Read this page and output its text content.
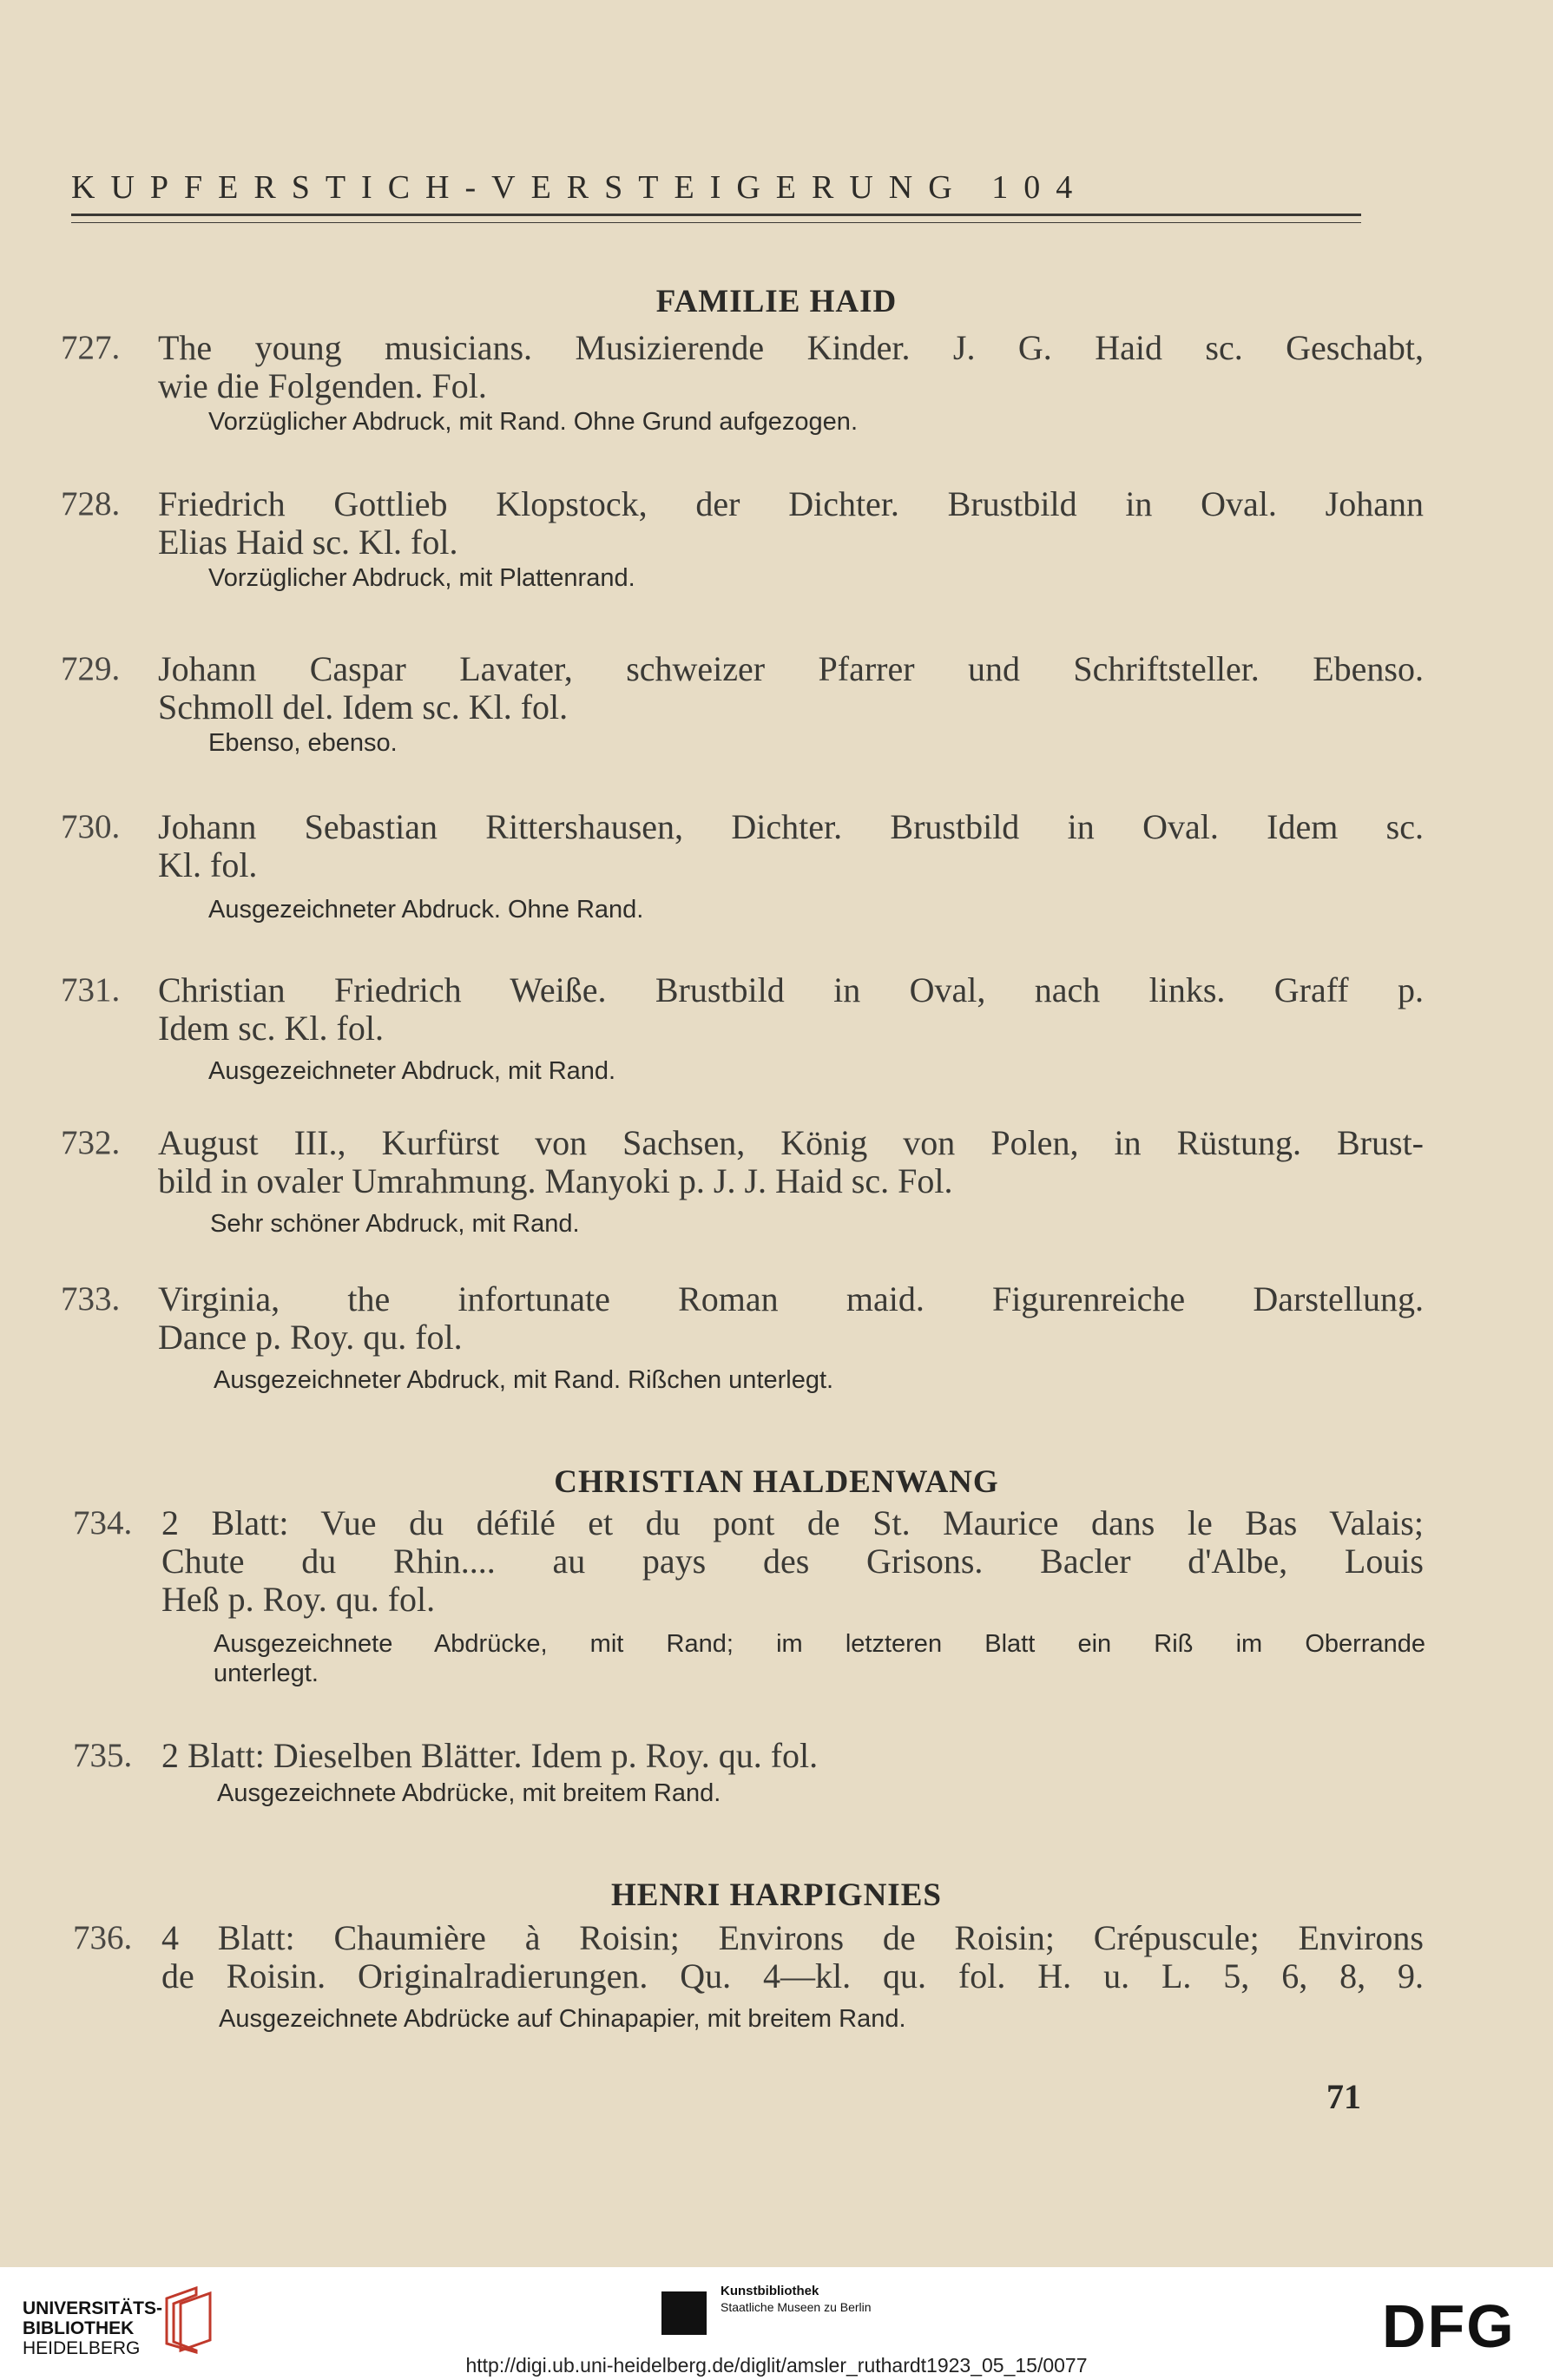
KUPFERSTICH-VERSTEIGERUNG 104
FAMILIE HAID
727.	The young musicians. Musizierende Kinder. J. G. Haid sc. Geschabt,
wie die Folgenden. Fol.
Vorzüglicher Abdruck, mit Rand. Ohne Grund aufgezogen.
728.	Friedrich Gottlieb Klopstock, der Dichter. Brustbild in Oval. Johann
Elias Haid sc. Kl. fol.
Vorzüglicher Abdruck, mit Plattenrand.
729.	Johann Caspar Lavater, schweizer Pfarrer und Schriftsteller. Ebenso.
Schmoll del. Idem sc. Kl. fol.
Ebenso, ebenso.
730.	Johann Sebastian Rittershausen, Dichter. Brustbild in Oval. Idem sc.
Kl. fol.
Ausgezeichneter Abdruck. Ohne Rand.
731.	Christian Friedrich Weiße. Brustbild in Oval, nach links. Graff p.
Idem sc. Kl. fol.
Ausgezeichneter Abdruck, mit Rand.
732.	August III., Kurfürst von Sachsen, König von Polen, in Rüstung. Brust-
bild in ovaler Umrahmung. Manyoki p. J. J. Haid sc. Fol.
Sehr schöner Abdruck, mit Rand.
733.	Virginia, the infortunate Roman maid. Figurenreiche Darstellung.
Dance p. Roy. qu. fol.
Ausgezeichneter Abdruck, mit Rand. Rißchen unterlegt.
CHRISTIAN HALDENWANG
734. 2 Blatt: Vue du défilé et du pont de St. Maurice dans le Bas Valais;
Chute du Rhin.... au pays des Grisons. Bacler d'Albe, Louis
Heß p. Roy. qu. fol.
Ausgezeichnete Abdrücke, mit Rand; im letzteren Blatt ein Riß im Oberrande
unterlegt.
735. 2 Blatt: Dieselben Blätter. Idem p. Roy. qu. fol.
Ausgezeichnete Abdrücke, mit breitem Rand.
HENRI HARPIGNIES
736. 4 Blatt: Chaumière à Roisin; Environs de Roisin; Crépuscule; Environs
de Roisin. Originalradierungen. Qu. 4—kl. qu. fol. H. u. L. 5, 6, 8, 9.
Ausgezeichnete Abdrücke auf Chinapapier, mit breitem Rand.
71
UNIVERSITÄTS-
BIBLIOTHEK
HEIDELBERG
Kunstbibliothek
Staatliche Museen zu Berlin	DFG
http://digi.ub.uni-heidelberg.de/diglit/amsler_ruthardt1923_05_15/0077
